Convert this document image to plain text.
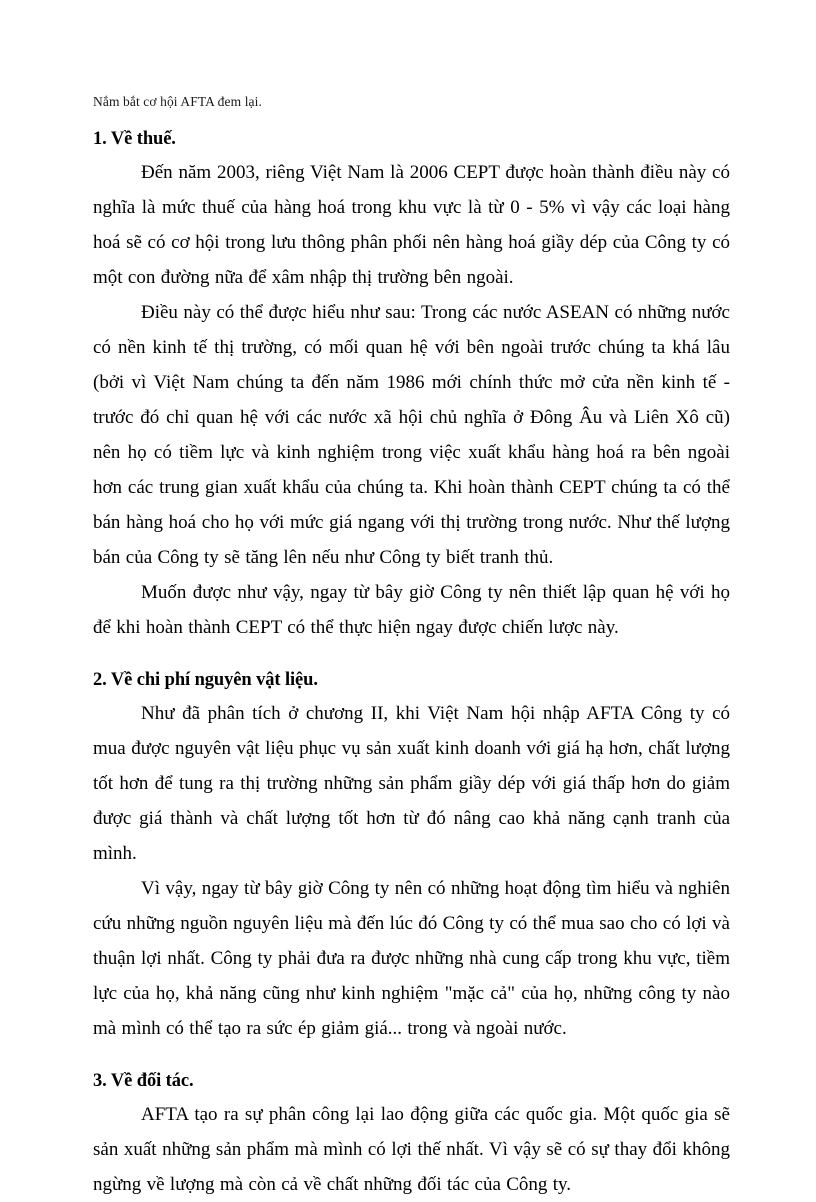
Nắm bắt cơ hội AFTA đem lại.

1. Về thuế.

Đến năm 2003, riêng Việt Nam là 2006 CEPT được hoàn thành điều này có nghĩa là mức thuế của hàng hoá trong khu vực là từ 0 - 5% vì vậy các loại hàng hoá sẽ có cơ hội trong lưu thông phân phối nên hàng hoá giầy dép của Công ty có một con đường nữa để xâm nhập thị trường bên ngoài.

Điều này có thể được hiểu như sau: Trong các nước ASEAN có những nước có nền kinh tế thị trường, có mối quan hệ với bên ngoài trước chúng ta khá lâu (bởi vì Việt Nam chúng ta đến năm 1986 mới chính thức mở cửa nền kinh tế - trước đó chỉ quan hệ với các nước xã hội chủ nghĩa ở Đông Âu và Liên Xô cũ) nên họ có tiềm lực và kinh nghiệm trong việc xuất khẩu hàng hoá ra bên ngoài hơn các trung gian xuất khẩu của chúng ta. Khi hoàn thành CEPT chúng ta có thể bán hàng hoá cho họ với mức giá ngang với thị trường trong nước. Như thế lượng bán của Công ty sẽ tăng lên nếu như Công ty biết tranh thủ.

Muốn được như vậy, ngay từ bây giờ Công ty nên thiết lập quan hệ với họ để khi hoàn thành CEPT có thể thực hiện ngay được chiến lược này.

2. Về chi phí nguyên vật liệu.

Như đã phân tích ở chương II, khi Việt Nam hội nhập AFTA Công ty có mua được nguyên vật liệu phục vụ sản xuất kinh doanh với giá hạ hơn, chất lượng tốt hơn để tung ra thị trường những sản phẩm giầy dép với giá thấp hơn do giảm được giá thành và chất lượng tốt hơn từ đó nâng cao khả năng cạnh tranh của mình.

Vì vậy, ngay từ bây giờ Công ty nên có những hoạt động tìm hiểu và nghiên cứu những nguồn nguyên liệu mà đến lúc đó Công ty có thể mua sao cho có lợi và thuận lợi nhất. Công ty phải đưa ra được những nhà cung cấp trong khu vực, tiềm lực của họ, khả năng cũng như kinh nghiệm "mặc cả" của họ, những công ty nào mà mình có thể tạo ra sức ép giảm giá... trong và ngoài nước.

3. Về đối tác.

AFTA tạo ra sự phân công lại lao động giữa các quốc gia. Một quốc gia sẽ sản xuất những sản phẩm mà mình có lợi thế nhất. Vì vậy sẽ có sự thay đổi không ngừng về lượng mà còn cả về chất những đối tác của Công ty.
